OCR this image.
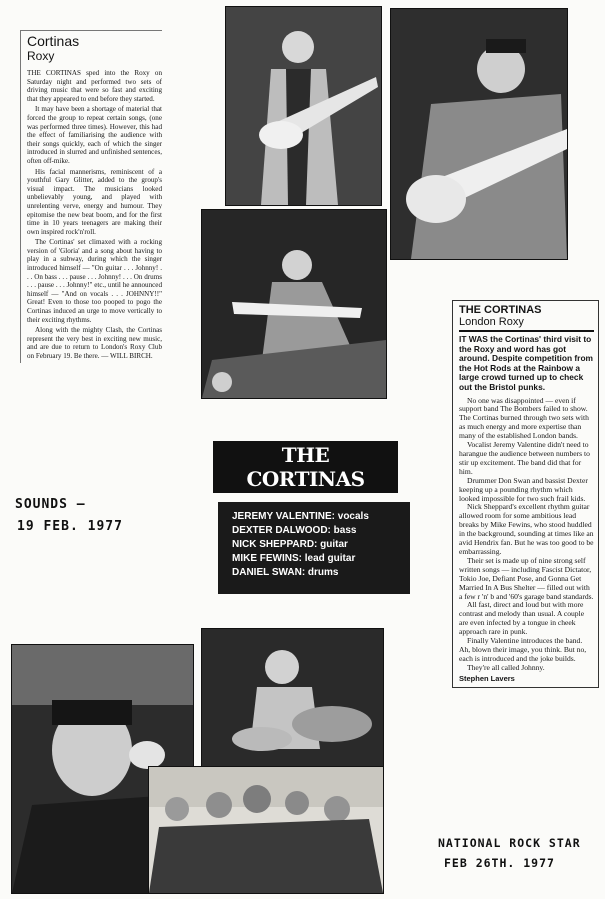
Cortinas
Roxy

THE CORTINAS sped into the Roxy on Saturday night and performed two sets of driving music that were so fast and exciting that they appeared to end before they started.

It may have been a shortage of material that forced the group to repeat certain songs, (one was performed three times). However, this had the effect of familiarising the audience with their songs quickly, each of which the singer introduced in slurred and unfinished sentences, often off-mike.

His facial mannerisms, reminiscent of a youthful Gary Glitter, added to the group's visual impact. The musicians looked unbelievably young, and played with unrelenting verve, energy and humour. They epitomise the new beat boom, and for the first time in 10 years teenagers are making their own inspired rock'n'roll.

The Cortinas' set climaxed with a rocking version of 'Gloria' and a song about having to play in a subway, during which the singer introduced himself — "On guitar . . . Johnny! . . . On bass . . . pause . . . Johnny! . . . On drums . . . pause . . . Johnny!" etc., until he announced himself — "And on vocals . . . JOHNNY!!" Great! Even to those too pooped to pogo the Cortinas induced an urge to move vertically to their exciting rhythms.

Along with the mighty Clash, the Cortinas represent the very best in exciting new music, and are due to return to London's Roxy Club on February 19. Be there. — WILL BIRCH.

SOUNDS —
19 FEB. 1977
THE CORTINAS
JEREMY VALENTINE: vocals
DEXTER DALWOOD: bass
NICK SHEPPARD: guitar
MIKE FEWINS: lead guitar
DANIEL SWAN: drums
THE CORTINAS
London Roxy
IT WAS the Cortinas' third visit to the Roxy and word has got around. Despite competition from the Hot Rods at the Rainbow a large crowd turned up to check out the Bristol punks.

No one was disappointed — even if support band The Bombers failed to show. The Cortinas burned through two sets with as much energy and more expertise than many of the established London bands.

Vocalist Jeremy Valentine didn't need to harangue the audience between numbers to stir up excitement. The band did that for him.

Drummer Don Swan and bassist Dexter keeping up a pounding rhythm which looked impossible for two such frail kids.

Nick Sheppard's excellent rhythm guitar allowed room for some ambitious lead breaks by Mike Fewins, who stood huddled in the background, sounding at times like an avid Hendrix fan. But he was too good to be embarrassing.

Their set is made up of nine strong self written songs — including Fascist Dictator, Tokio Joe, Defiant Pose, and Gonna Get Married In A Bus Shelter — filled out with a few r 'n' b and '60's garage band standards.

All fast, direct and loud but with more contrast and melody than usual. A couple are even infected by a tongue in cheek approach rare in punk.

Finally Valentine introduces the band. Ah, blown their image, you think. But no, each is introduced and the joke builds.

They're all called Johnny.

Stephen Lavers
NATIONAL ROCK STAR
FEB 26TH. 1977
